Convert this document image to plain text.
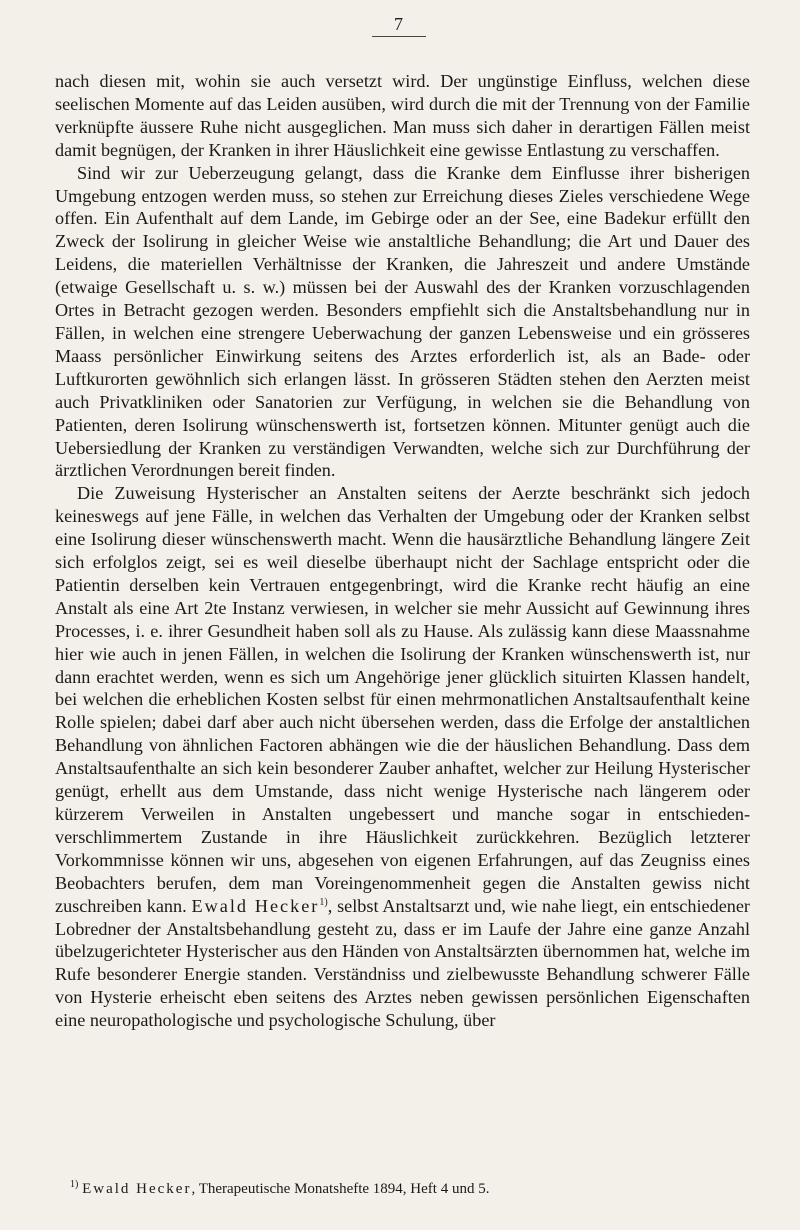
7

nach diesen mit, wohin sie auch versetzt wird. Der ungünstige Einfluss, welchen diese seelischen Momente auf das Leiden ausüben, wird durch die mit der Trennung von der Familie verknüpfte äussere Ruhe nicht ausgeglichen. Man muss sich daher in derartigen Fällen meist damit begnügen, der Kranken in ihrer Häuslichkeit eine gewisse Entlastung zu verschaffen.

Sind wir zur Ueberzeugung gelangt, dass die Kranke dem Einflusse ihrer bisherigen Umgebung entzogen werden muss, so stehen zur Erreichung dieses Zieles verschiedene Wege offen. Ein Aufenthalt auf dem Lande, im Gebirge oder an der See, eine Badekur erfüllt den Zweck der Isolirung in gleicher Weise wie anstaltliche Behandlung; die Art und Dauer des Leidens, die materiellen Verhältnisse der Kranken, die Jahreszeit und andere Umstände (etwaige Gesellschaft u. s. w.) müssen bei der Auswahl des der Kranken vorzuschlagenden Ortes in Betracht gezogen werden. Besonders empfiehlt sich die Anstaltsbehandlung nur in Fällen, in welchen eine strengere Ueberwachung der ganzen Lebensweise und ein grösseres Maass persönlicher Einwirkung seitens des Arztes erforderlich ist, als an Bade- oder Luftkurorten gewöhnlich sich erlangen lässt. In grösseren Städten stehen den Aerzten meist auch Privatkliniken oder Sanatorien zur Verfügung, in welchen sie die Behandlung von Patienten, deren Isolirung wünschenswerth ist, fortsetzen können. Mitunter genügt auch die Uebersiedlung der Kranken zu verständigen Verwandten, welche sich zur Durchführung der ärztlichen Verordnungen bereit finden.

Die Zuweisung Hysterischer an Anstalten seitens der Aerzte beschränkt sich jedoch keineswegs auf jene Fälle, in welchen das Verhalten der Umgebung oder der Kranken selbst eine Isolirung dieser wünschenswerth macht. Wenn die hausärztliche Behandlung längere Zeit sich erfolglos zeigt, sei es weil dieselbe überhaupt nicht der Sachlage entspricht oder die Patientin derselben kein Vertrauen entgegenbringt, wird die Kranke recht häufig an eine Anstalt als eine Art 2te Instanz verwiesen, in welcher sie mehr Aussicht auf Gewinnung ihres Processes, i. e. ihrer Gesundheit haben soll als zu Hause. Als zulässig kann diese Maassnahme hier wie auch in jenen Fällen, in welchen die Isolirung der Kranken wünschenswerth ist, nur dann erachtet werden, wenn es sich um Angehörige jener glücklich situirten Klassen handelt, bei welchen die erheblichen Kosten selbst für einen mehrmonatlichen Anstaltsaufenthalt keine Rolle spielen; dabei darf aber auch nicht übersehen werden, dass die Erfolge der anstaltlichen Behandlung von ähnlichen Factoren abhängen wie die der häuslichen Behandlung. Dass dem Anstaltsaufenthalte an sich kein besonderer Zauber anhaftet, welcher zur Heilung Hysterischer genügt, erhellt aus dem Umstande, dass nicht wenige Hysterische nach längerem oder kürzerem Verweilen in Anstalten ungebessert und manche sogar in entschieden-verschlimmertem Zustande in ihre Häuslichkeit zurückkehren. Bezüglich letzterer Vorkommnisse können wir uns, abgesehen von eigenen Erfahrungen, auf das Zeugniss eines Beobachters berufen, dem man Voreingenommenheit gegen die Anstalten gewiss nicht zuschreiben kann. Ewald Hecker$^{1)}$, selbst Anstaltsarzt und, wie nahe liegt, ein entschiedener Lobredner der Anstaltsbehandlung gesteht zu, dass er im Laufe der Jahre eine ganze Anzahl übelzugerichteter Hysterischer aus den Händen von Anstaltsärzten übernommen hat, welche im Rufe besonderer Energie standen. Verständniss und zielbewusste Behandlung schwerer Fälle von Hysterie erheischt eben seitens des Arztes neben gewissen persönlichen Eigenschaften eine neuropathologische und psychologische Schulung, über

$^{1)}$ Ewald Hecker, Therapeutische Monatshefte 1894, Heft 4 und 5.
